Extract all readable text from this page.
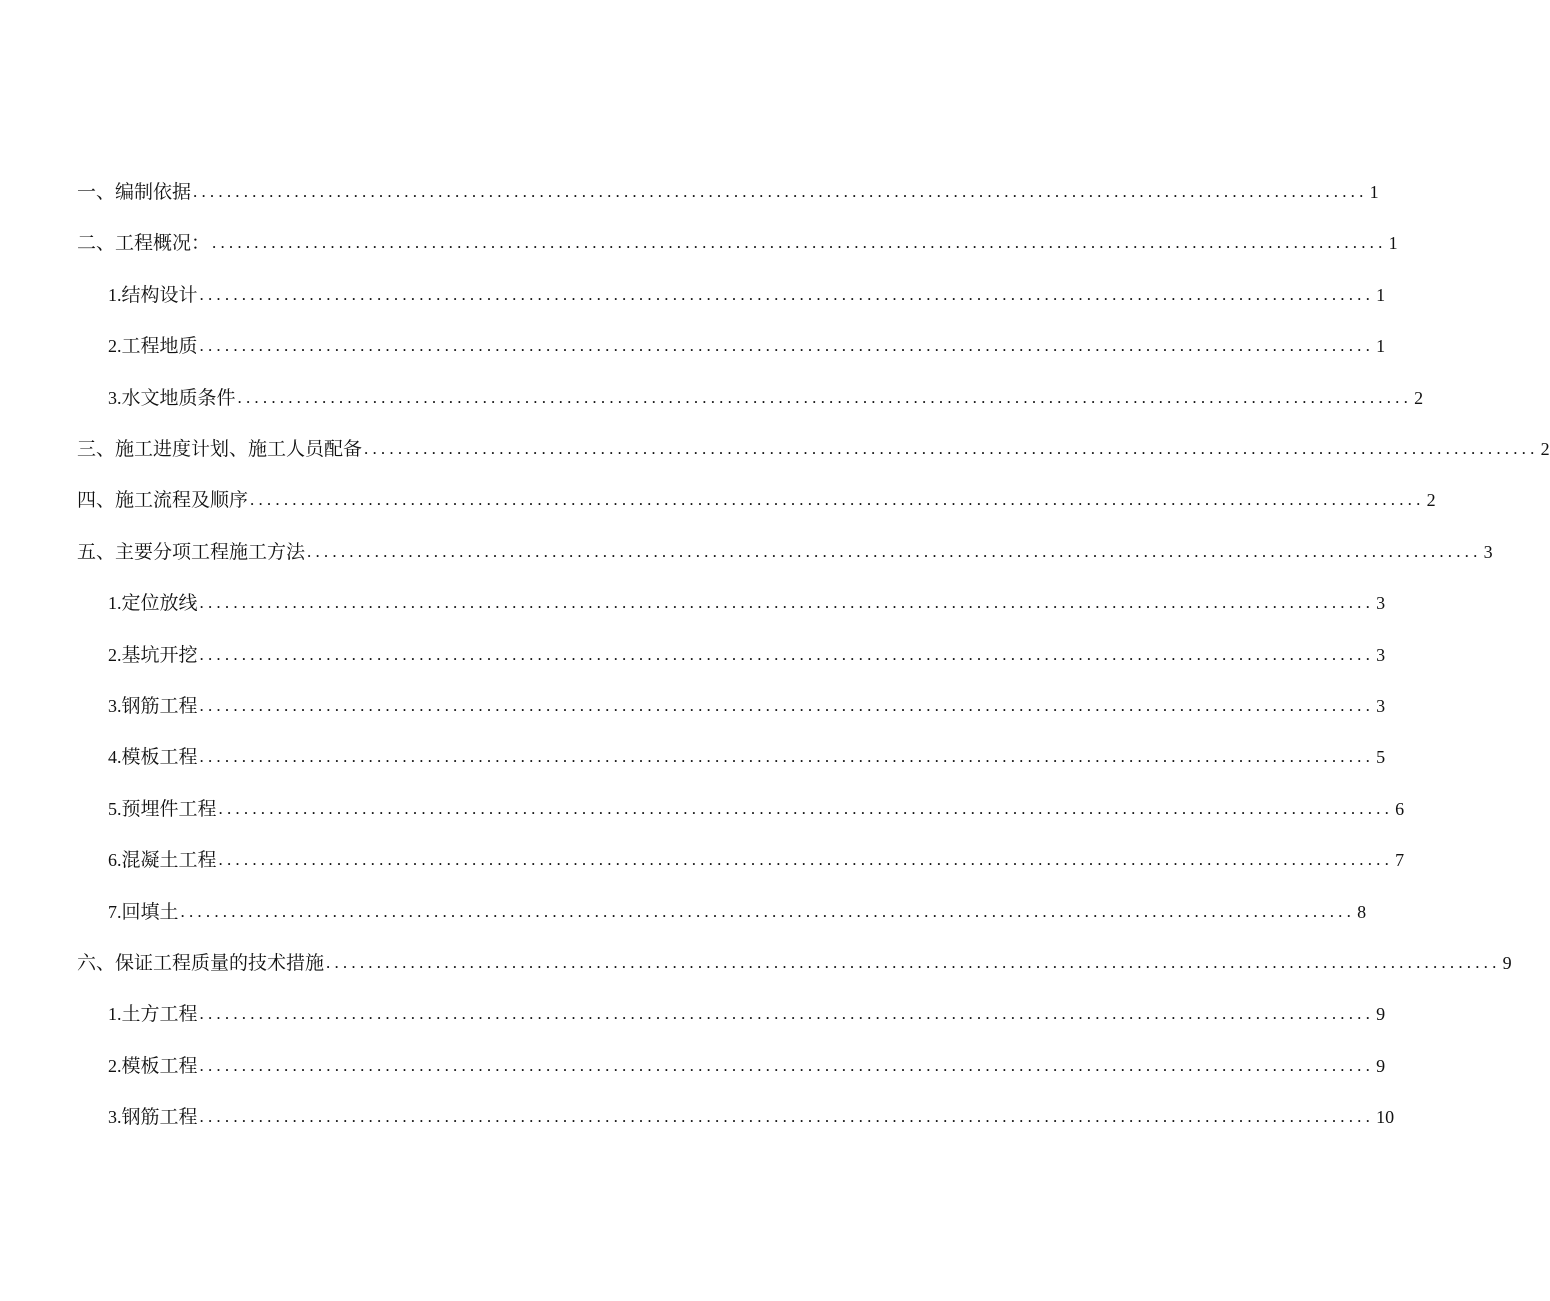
一、编制依据 ........................................................................................................................................... 1
二、工程概况： ........................................................................................................................................... 1
1. 结构设计 ........................................................................................................................................... 1
2. 工程地质 ........................................................................................................................................... 1
3. 水文地质条件 ........................................................................................................................................... 2
三、施工进度计划、施工人员配备 ........................................................................................................................................... 2
四、施工流程及顺序 ........................................................................................................................................... 2
五、主要分项工程施工方法 ........................................................................................................................................... 3
1. 定位放线 ........................................................................................................................................... 3
2. 基坑开挖 ........................................................................................................................................... 3
3. 钢筋工程 ........................................................................................................................................... 3
4. 模板工程 ........................................................................................................................................... 5
5. 预埋件工程 ........................................................................................................................................... 6
6. 混凝土工程 ........................................................................................................................................... 7
7. 回填土 ........................................................................................................................................... 8
六、 保证工程质量的技术措施 ........................................................................................................................................... 9
1. 土方工程 ........................................................................................................................................... 9
2. 模板工程 ........................................................................................................................................... 9
3. 钢筋工程 ........................................................................................................................................... 10
